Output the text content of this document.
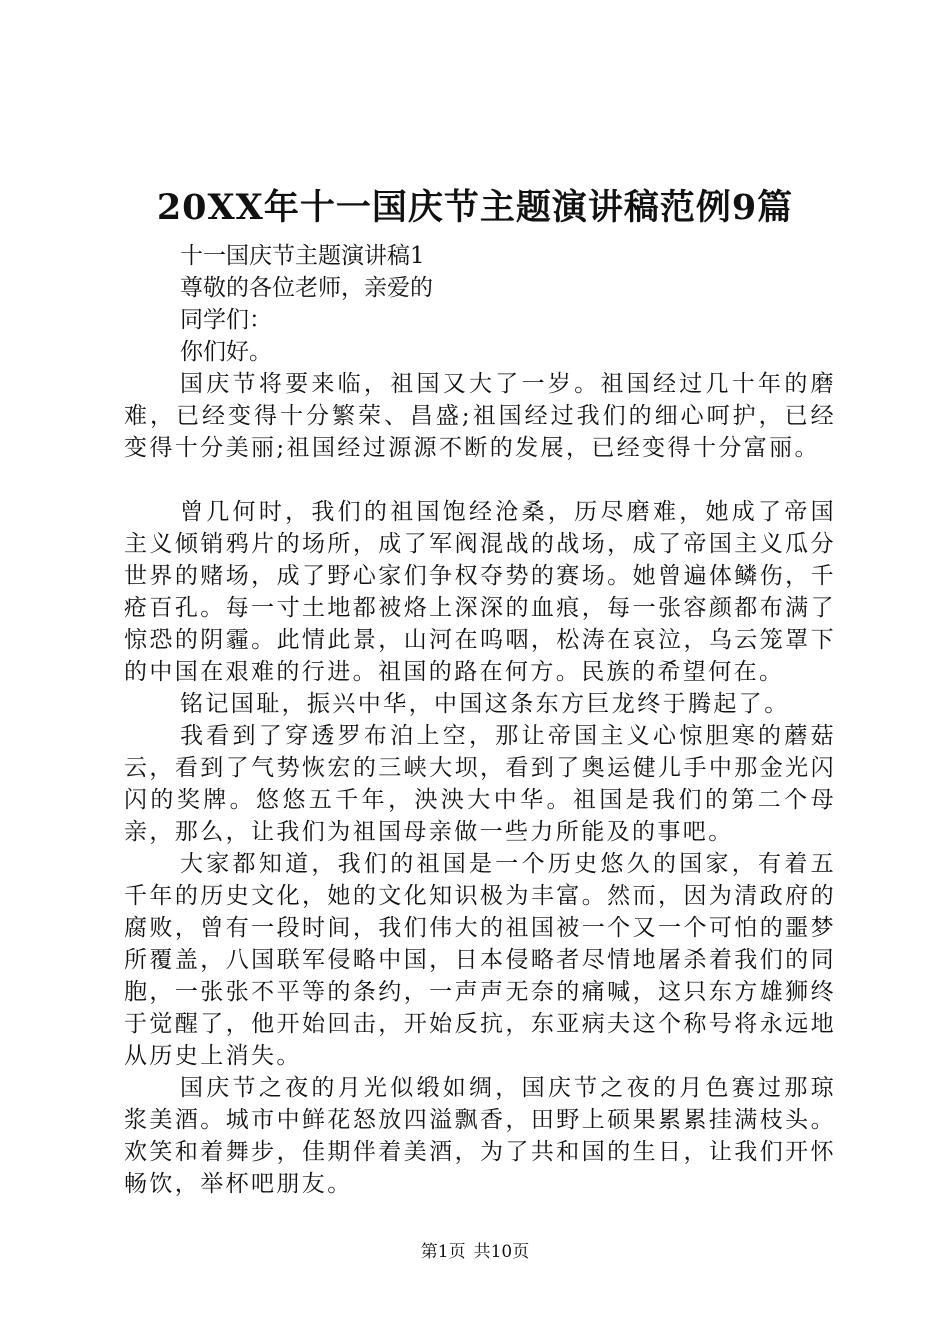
20XX年十一国庆节主题演讲稿范例9篇

十一国庆节主题演讲稿1

尊敬的各位老师，亲爱的

同学们：

你们好。

国庆节将要来临，祖国又大了一岁。祖国经过几十年的磨难，已经变得十分繁荣、昌盛;祖国经过我们的细心呵护，已经变得十分美丽;祖国经过源源不断的发展，已经变得十分富丽。

曾几何时，我们的祖国饱经沧桑，历尽磨难，她成了帝国主义倾销鸦片的场所，成了军阀混战的战场，成了帝国主义瓜分世界的赌场，成了野心家们争权夺势的赛场。她曾遍体鳞伤，千疮百孔。每一寸土地都被烙上深深的血痕，每一张容颜都布满了惊恐的阴霾。此情此景，山河在呜咽，松涛在哀泣，乌云笼罩下的中国在艰难的行进。祖国的路在何方。民族的希望何在。

铭记国耻，振兴中华，中国这条东方巨龙终于腾起了。

我看到了穿透罗布泊上空，那让帝国主义心惊胆寒的蘑菇云，看到了气势恢宏的三峡大坝，看到了奥运健儿手中那金光闪闪的奖牌。悠悠五千年，泱泱大中华。祖国是我们的第二个母亲，那么，让我们为祖国母亲做一些力所能及的事吧。

大家都知道，我们的祖国是一个历史悠久的国家，有着五千年的历史文化，她的文化知识极为丰富。然而，因为清政府的腐败，曾有一段时间，我们伟大的祖国被一个又一个可怕的噩梦所覆盖，八国联军侵略中国，日本侵略者尽情地屠杀着我们的同胞，一张张不平等的条约，一声声无奈的痛喊，这只东方雄狮终于觉醒了，他开始回击，开始反抗，东亚病夫这个称号将永远地从历史上消失。

国庆节之夜的月光似缎如绸，国庆节之夜的月色赛过那琼浆美酒。城市中鲜花怒放四溢飘香，田野上硕果累累挂满枝头。欢笑和着舞步，佳期伴着美酒，为了共和国的生日，让我们开怀畅饮，举杯吧朋友。

第1页 共10页
